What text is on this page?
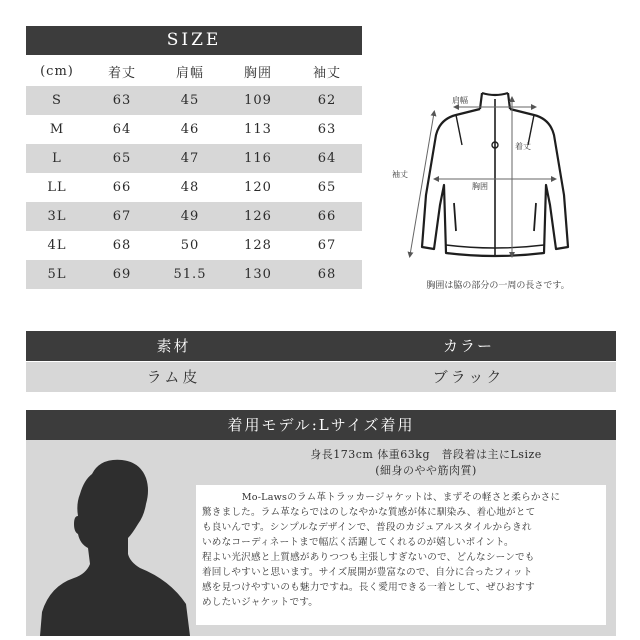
SIZE
(cm)	着丈	肩幅	胸囲	袖丈
S	63	45	109	62
M	64	46	113	63
L	65	47	116	64
LL	66	48	120	65
3L	67	49	126	66
4L	68	50	128	67
5L	69	51.5	130	68
肩幅
着丈
袖丈
胸囲
胸囲は脇の部分の一周の長さです。
素材	カラー
ラム皮	ブラック
着用モデル:Lサイズ着用
身長173cm 体重63kg　普段着は主にLsize
(細身のやや筋肉質)

Mo-Lawsのラム革トラッカージャケットは、まずその軽さと柔らかさに

驚きました。ラム革ならではのしなやかな質感が体に馴染み、着心地がとて

も良いんです。シンプルなデザインで、普段のカジュアルスタイルからきれ

いめなコーディネートまで幅広く活躍してくれるのが嬉しいポイント。

程よい光沢感と上質感がありつつも主張しすぎないので、どんなシーンでも

着回しやすいと思います。サイズ展開が豊富なので、自分に合ったフィット

感を見つけやすいのも魅力ですね。長く愛用できる一着として、ぜひおすす

めしたいジャケットです。
